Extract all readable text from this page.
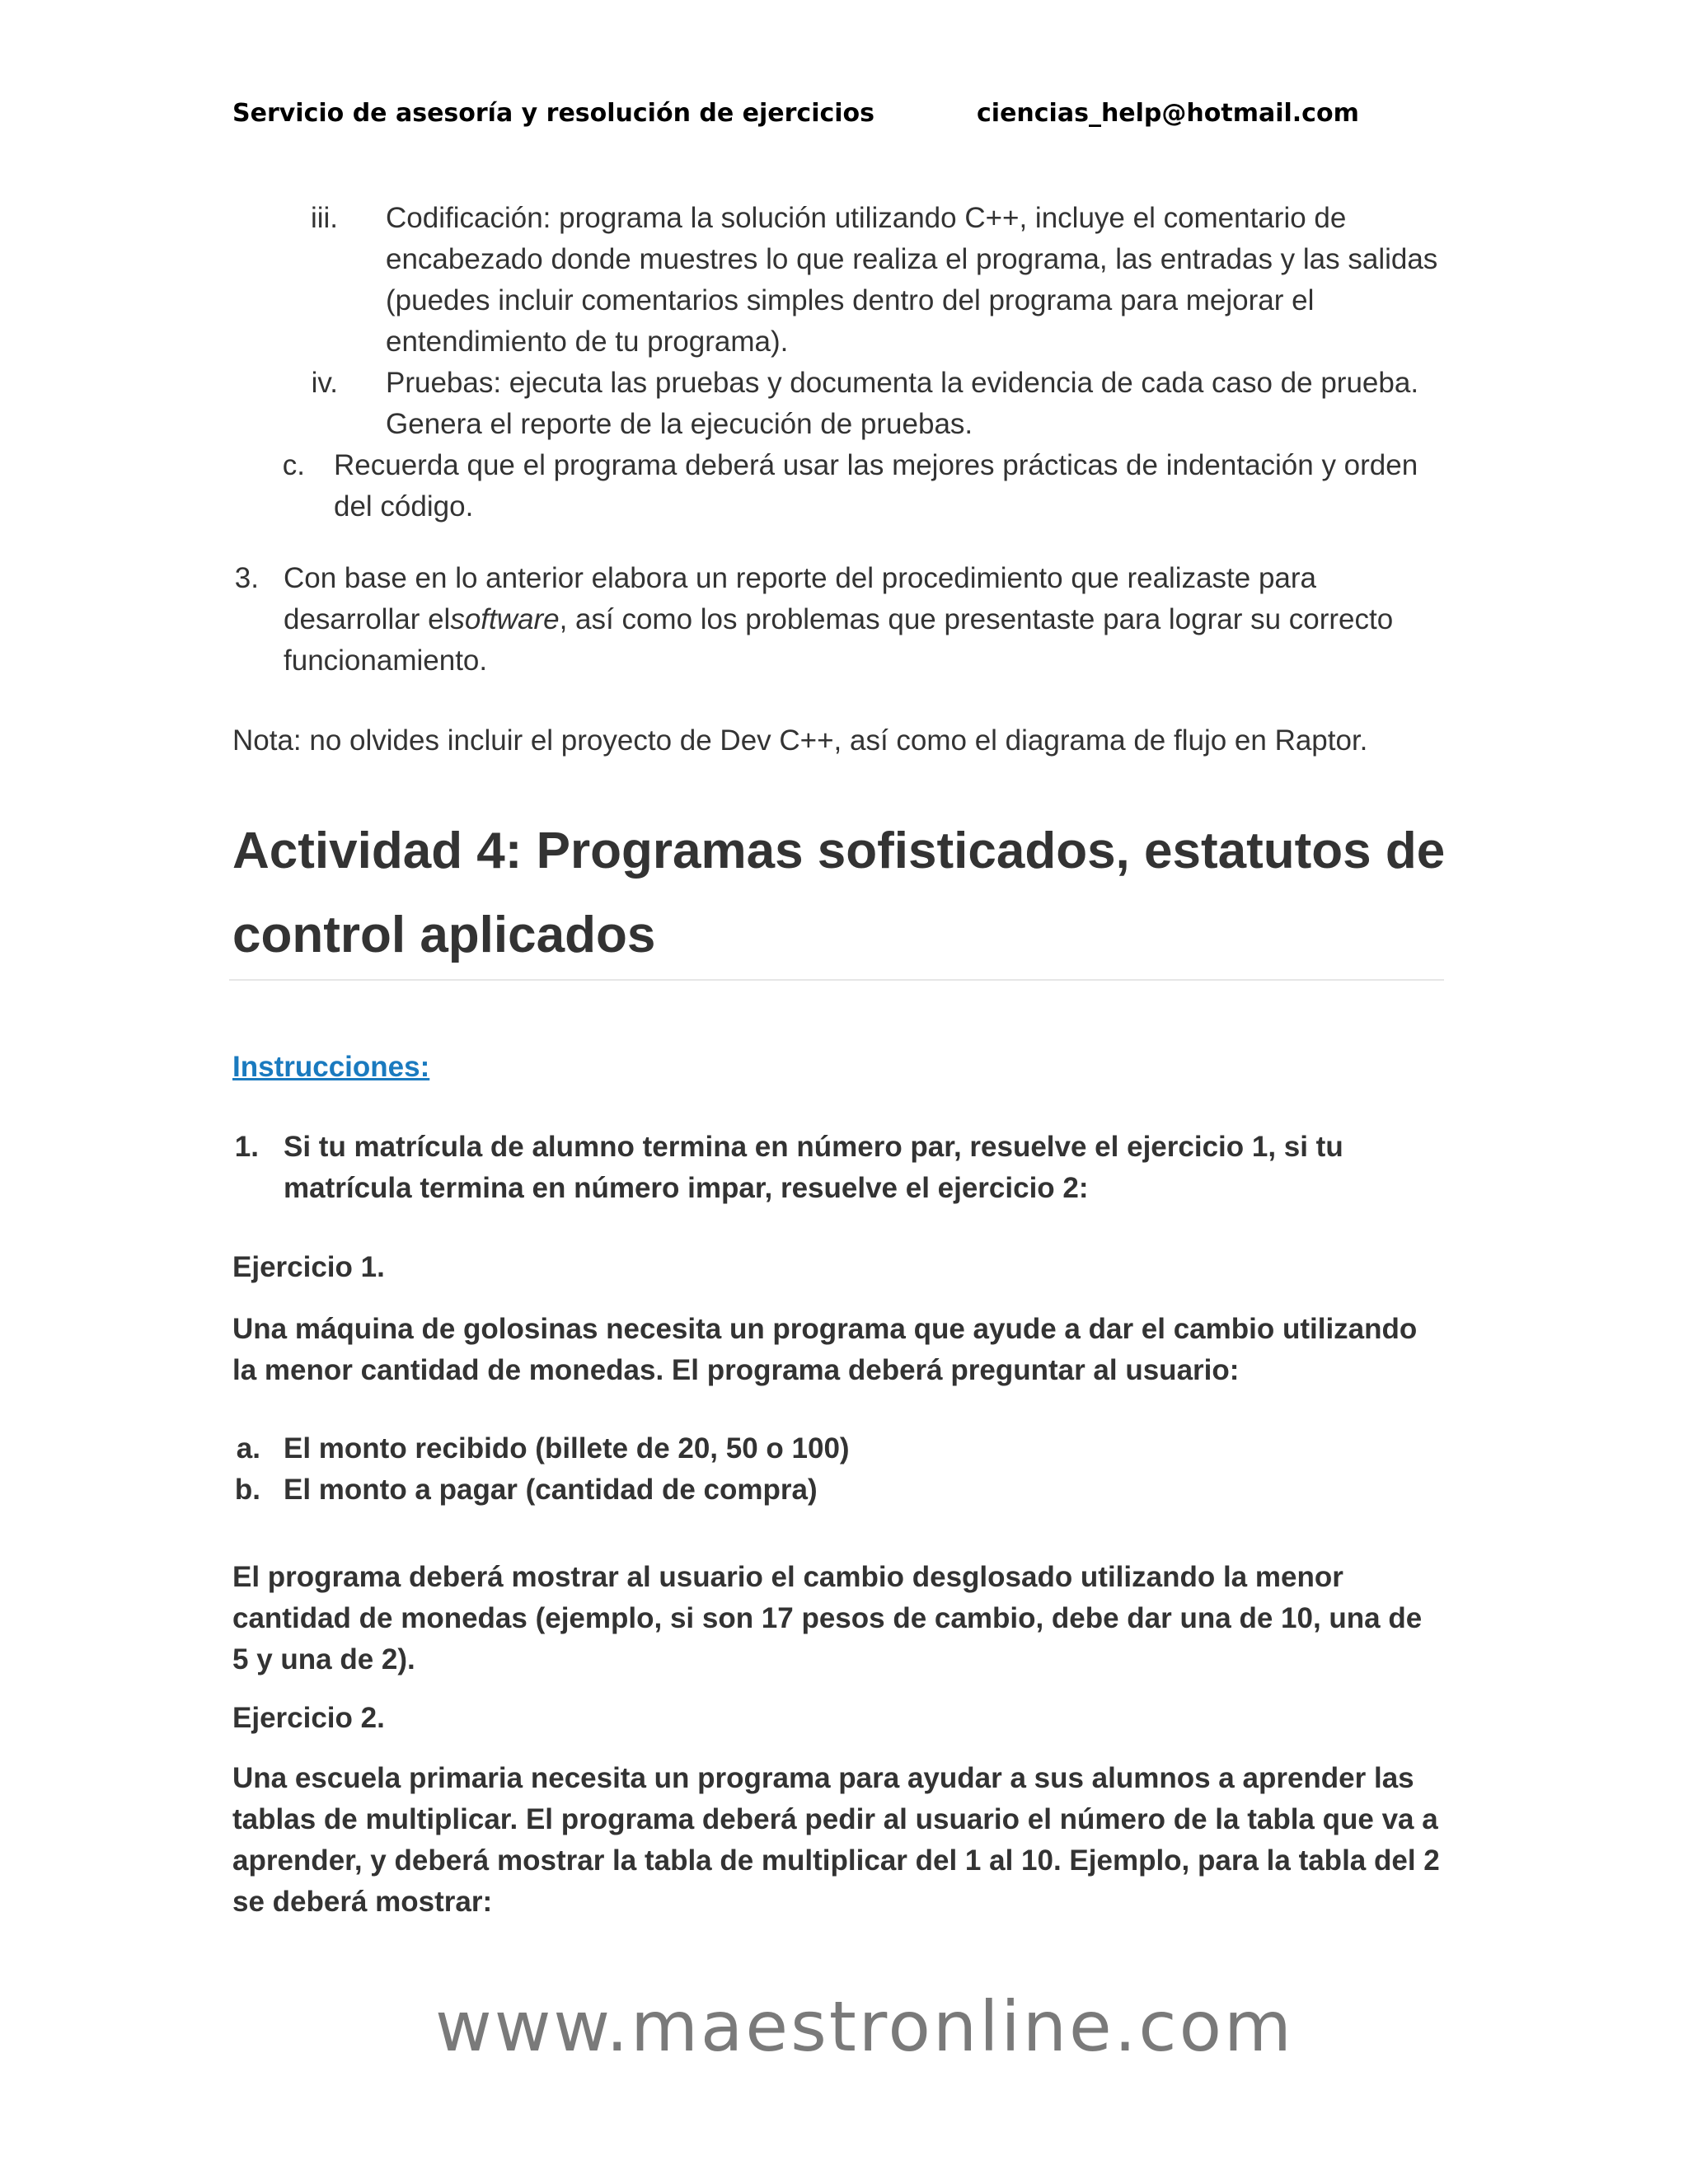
Servicio de asesoría y resolución de ejercicios	ciencias_help@hotmail.com
iii. Codificación: programa la solución utilizando C++, incluye el comentario de encabezado donde muestres lo que realiza el programa, las entradas y las salidas (puedes incluir comentarios simples dentro del programa para mejorar el entendimiento de tu programa).
iv. Pruebas: ejecuta las pruebas y documenta la evidencia de cada caso de prueba. Genera el reporte de la ejecución de pruebas.
c. Recuerda que el programa deberá usar las mejores prácticas de indentación y orden del código.
3. Con base en lo anterior elabora un reporte del procedimiento que realizaste para desarrollar elsoftware, así como los problemas que presentaste para lograr su correcto funcionamiento.
Nota: no olvides incluir el proyecto de Dev C++, así como el diagrama de flujo en Raptor.
Actividad 4: Programas sofisticados, estatutos de control aplicados
Instrucciones:
1. Si tu matrícula de alumno termina en número par, resuelve el ejercicio 1, si tu matrícula termina en número impar, resuelve el ejercicio 2:
Ejercicio 1.
Una máquina de golosinas necesita un programa que ayude a dar el cambio utilizando la menor cantidad de monedas. El programa deberá preguntar al usuario:
a. El monto recibido (billete de 20, 50 o 100)
b. El monto a pagar (cantidad de compra)
El programa deberá mostrar al usuario el cambio desglosado utilizando la menor cantidad de monedas (ejemplo, si son 17 pesos de cambio, debe dar una de 10, una de 5 y una de 2).
Ejercicio 2.
Una escuela primaria necesita un programa para ayudar a sus alumnos a aprender las tablas de multiplicar. El programa deberá pedir al usuario el número de la tabla que va a aprender, y deberá mostrar la tabla de multiplicar del 1 al 10. Ejemplo, para la tabla del 2 se deberá mostrar:
www.maestronline.com
